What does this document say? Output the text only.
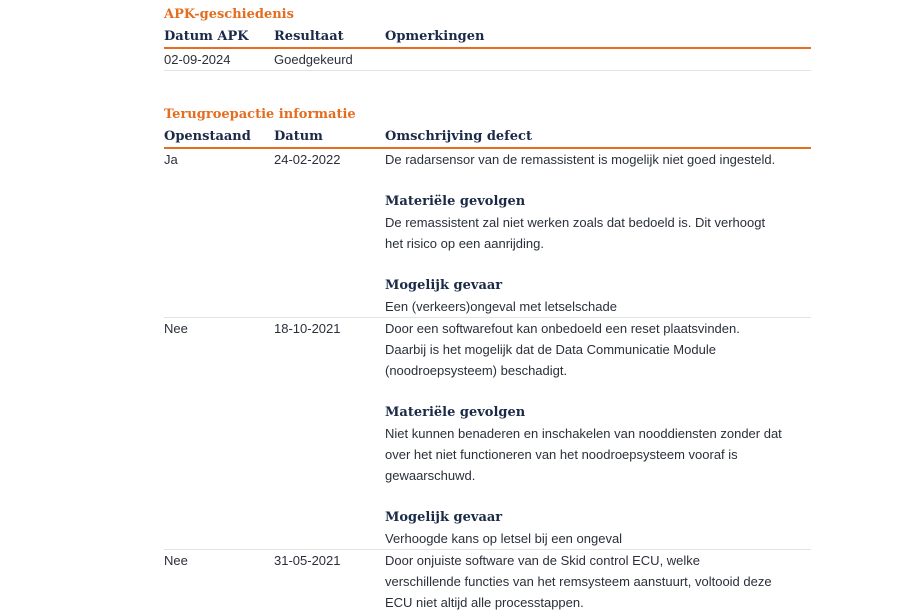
APK-geschiedenis
Datum APK	Resultaat	Opmerkingen
02-09-2024	Goedgekeurd
Terugroepactie informatie
Openstaand	Datum	Omschrijving defect
Ja	24-02-2022	De radarsensor van de remassistent is mogelijk niet goed ingesteld.

Materiële gevolgen

De remassistent zal niet werken zoals dat bedoeld is. Dit verhoogt

het risico op een aanrijding.

Mogelijk gevaar

Een (verkeers)ongeval met letselschade

Nee	18-10-2021	Door een softwarefout kan onbedoeld een reset plaatsvinden.

Daarbij is het mogelijk dat de Data Communicatie Module

(noodroepsysteem) beschadigt.

Materiële gevolgen

Niet kunnen benaderen en inschakelen van nooddiensten zonder dat

over het niet functioneren van het noodroepsysteem vooraf is

gewaarschuwd.

Mogelijk gevaar

Verhoogde kans op letsel bij een ongeval

Nee	31-05-2021	Door onjuiste software van de Skid control ECU, welke

verschillende functies van het remsysteem aanstuurt, voltooid deze

ECU niet altijd alle processtappen.
